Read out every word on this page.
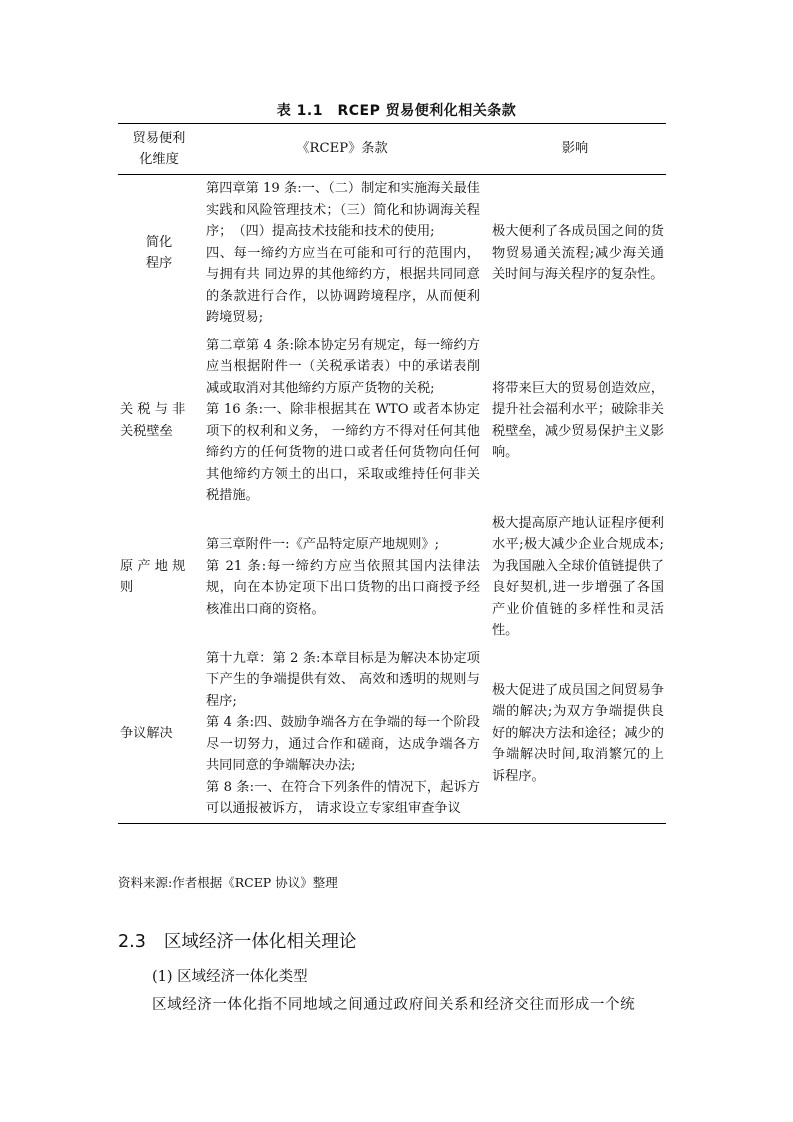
表 1.1　RCEP 贸易便利化相关条款
贸易便利
化维度	《RCEP》条款	影响

简化
程序	第四章第 19 条:一、（二）制定和实施海关最佳实践和风险管理技术；（三）简化和协调海关程序；　（四）提高技术技能和技术的使用;
四、每一缔约方应当在可能和可行的范围内，与拥有共 同边界的其他缔约方，根据共同同意的条款进行合作，以协调跨境程序，从而便利跨境贸易;	极大便利了各成员国之间的货物贸易通关流程;减少海关通关时间与海关程序的复杂性。

关 税 与 非
关税壁垒	第二章第 4 条:除本协定另有规定，每一缔约方应当根据附件一（关税承诺表）中的承诺表削减或取消对其他缔约方原产货物的关税;
第 16 条:一、除非根据其在 WTO 或者本协定项下的权利和义务， 一缔约方不得对任何其他缔约方的任何货物的进口或者任何货物向任何其他缔约方领土的出口，采取或维持任何非关 税措施。	将带来巨大的贸易创造效应，提升社会福利水平；破除非关税壁垒，减少贸易保护主义影响。

原 产 地 规
则	第三章附件一:《产品特定原产地规则》;
第 21 条:每一缔约方应当依照其国内法律法规，向在本协定项下出口货物的出口商授予经核准出口商的资格。	极大提高原产地认证程序便利水平;极大减少企业合规成本;为我国融入全球价值链提供了良好契机,进一步增强了各国产业价值链的多样性和灵活性。

争议解决	第十九章：第 2 条:本章目标是为解决本协定项下产生的争端提供有效、 高效和透明的规则与程序;
第 4 条:四、鼓励争端各方在争端的每一个阶段尽一切努力，通过合作和磋商，达成争端各方共同同意的争端解决办法;
第 8 条:一、在符合下列条件的情况下，起诉方可以通报被诉方， 请求设立专家组审查争议	极大促进了成员国之间贸易争端的解决;为双方争端提供良好的解决方法和途径；减少的争端解决时间,取消繁冗的上诉程序。
资料来源:作者根据《RCEP 协议》整理
2.3 区域经济一体化相关理论
(1) 区域经济一体化类型
区域经济一体化指不同地域之间通过政府间关系和经济交往而形成一个统
